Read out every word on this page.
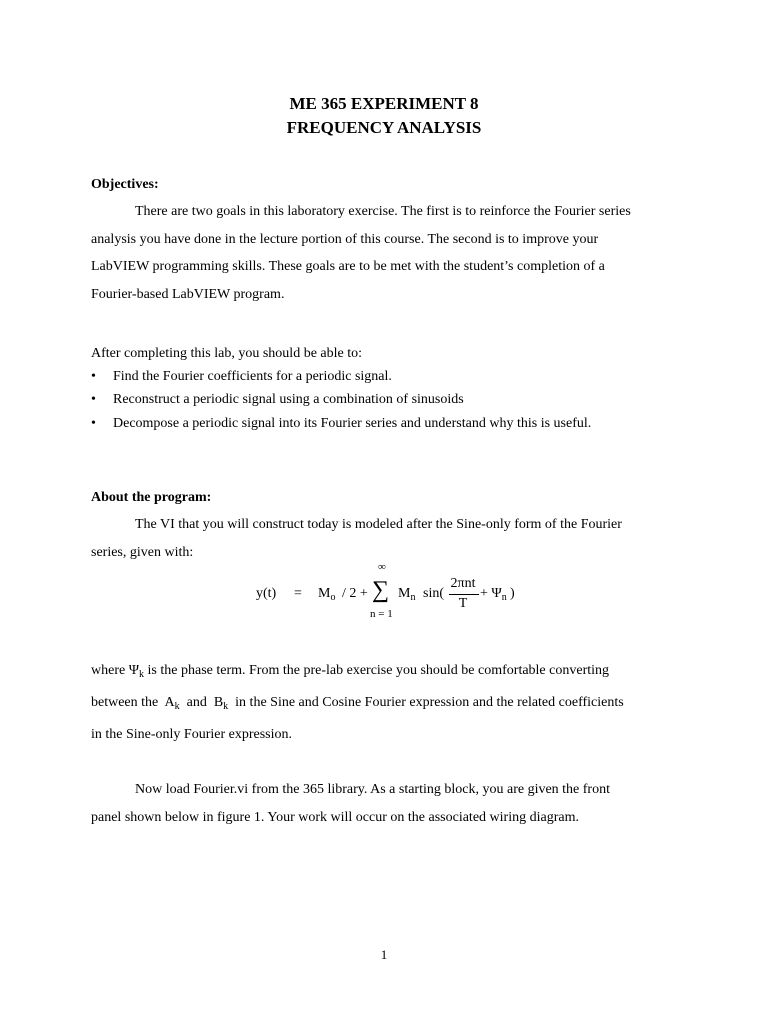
ME 365 EXPERIMENT 8
FREQUENCY ANALYSIS
Objectives:
There are two goals in this laboratory exercise. The first is to reinforce the Fourier series
analysis you have done in the lecture portion of this course. The second is to improve your
LabVIEW programming skills. These goals are to be met with the student’s completion of a
Fourier-based LabVIEW program.
After completing this lab, you should be able to:
• Find the Fourier coefficients for a periodic signal.
• Reconstruct a periodic signal using a combination of sinusoids
• Decompose a periodic signal into its Fourier series and understand why this is useful.
About the program:
The VI that you will construct today is modeled after the Sine-only form of the Fourier
series, given with:
$y(t) = M_o / 2$ +
∞
∑
n = 1
$M_n$ sin(
2πnt
T
+ $\Psi_n$ )
where $\Psi_k$ is the phase term. From the pre-lab exercise you should be comfortable converting
between the $A_k$ and $B_k$ in the Sine and Cosine Fourier expression and the related coefficients
in the Sine-only Fourier expression.
Now load Fourier.vi from the 365 library. As a starting block, you are given the front
panel shown below in figure 1. Your work will occur on the associated wiring diagram.
1
